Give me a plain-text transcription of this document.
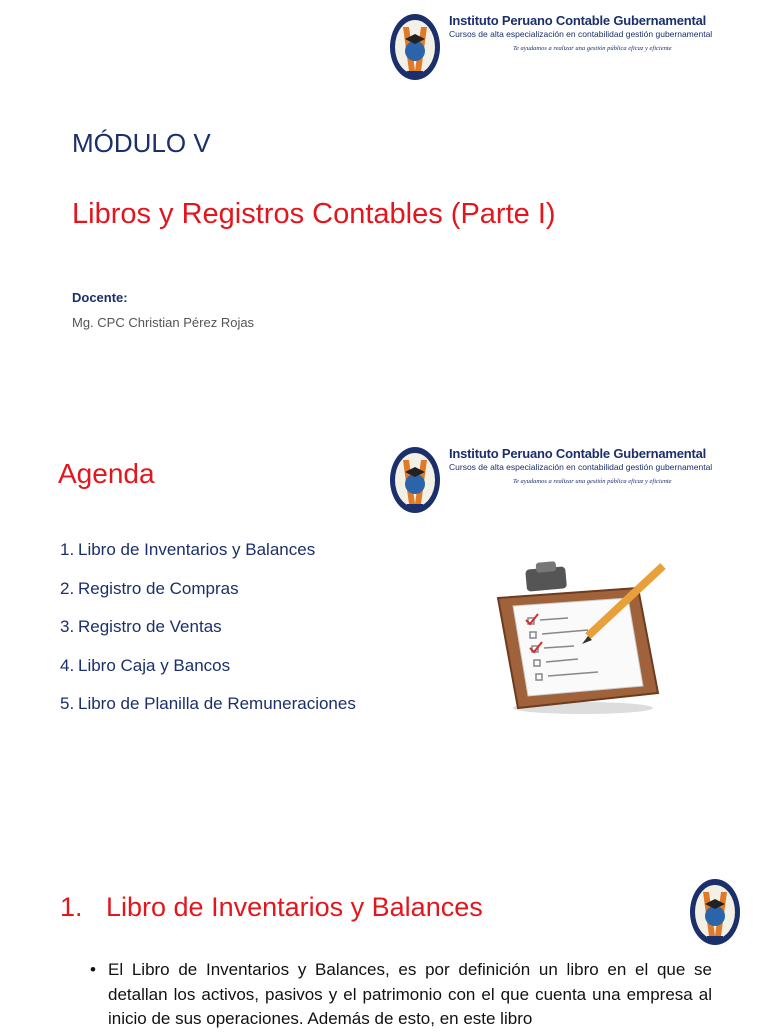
Instituto Peruano Contable Gubernamental
Cursos de alta especialización en contabilidad gestión gubernamental
Te ayudamos a realizar una gestión pública eficaz y eficiente
MÓDULO V
Libros y Registros Contables (Parte I)
Docente:
Mg. CPC Christian Pérez Rojas
Agenda
Instituto Peruano Contable Gubernamental
Cursos de alta especialización en contabilidad gestión gubernamental
Te ayudamos a realizar una gestión pública eficaz y eficiente
1. Libro de Inventarios y Balances
2. Registro de Compras
3. Registro de Ventas
4. Libro Caja y Bancos
5. Libro de Planilla de Remuneraciones
1. Libro de Inventarios y Balances
• El Libro de Inventarios y Balances, es por definición un libro en el que se detallan los activos, pasivos y el patrimonio con el que cuenta una empresa al inicio de sus operaciones. Además de esto, en este libro
